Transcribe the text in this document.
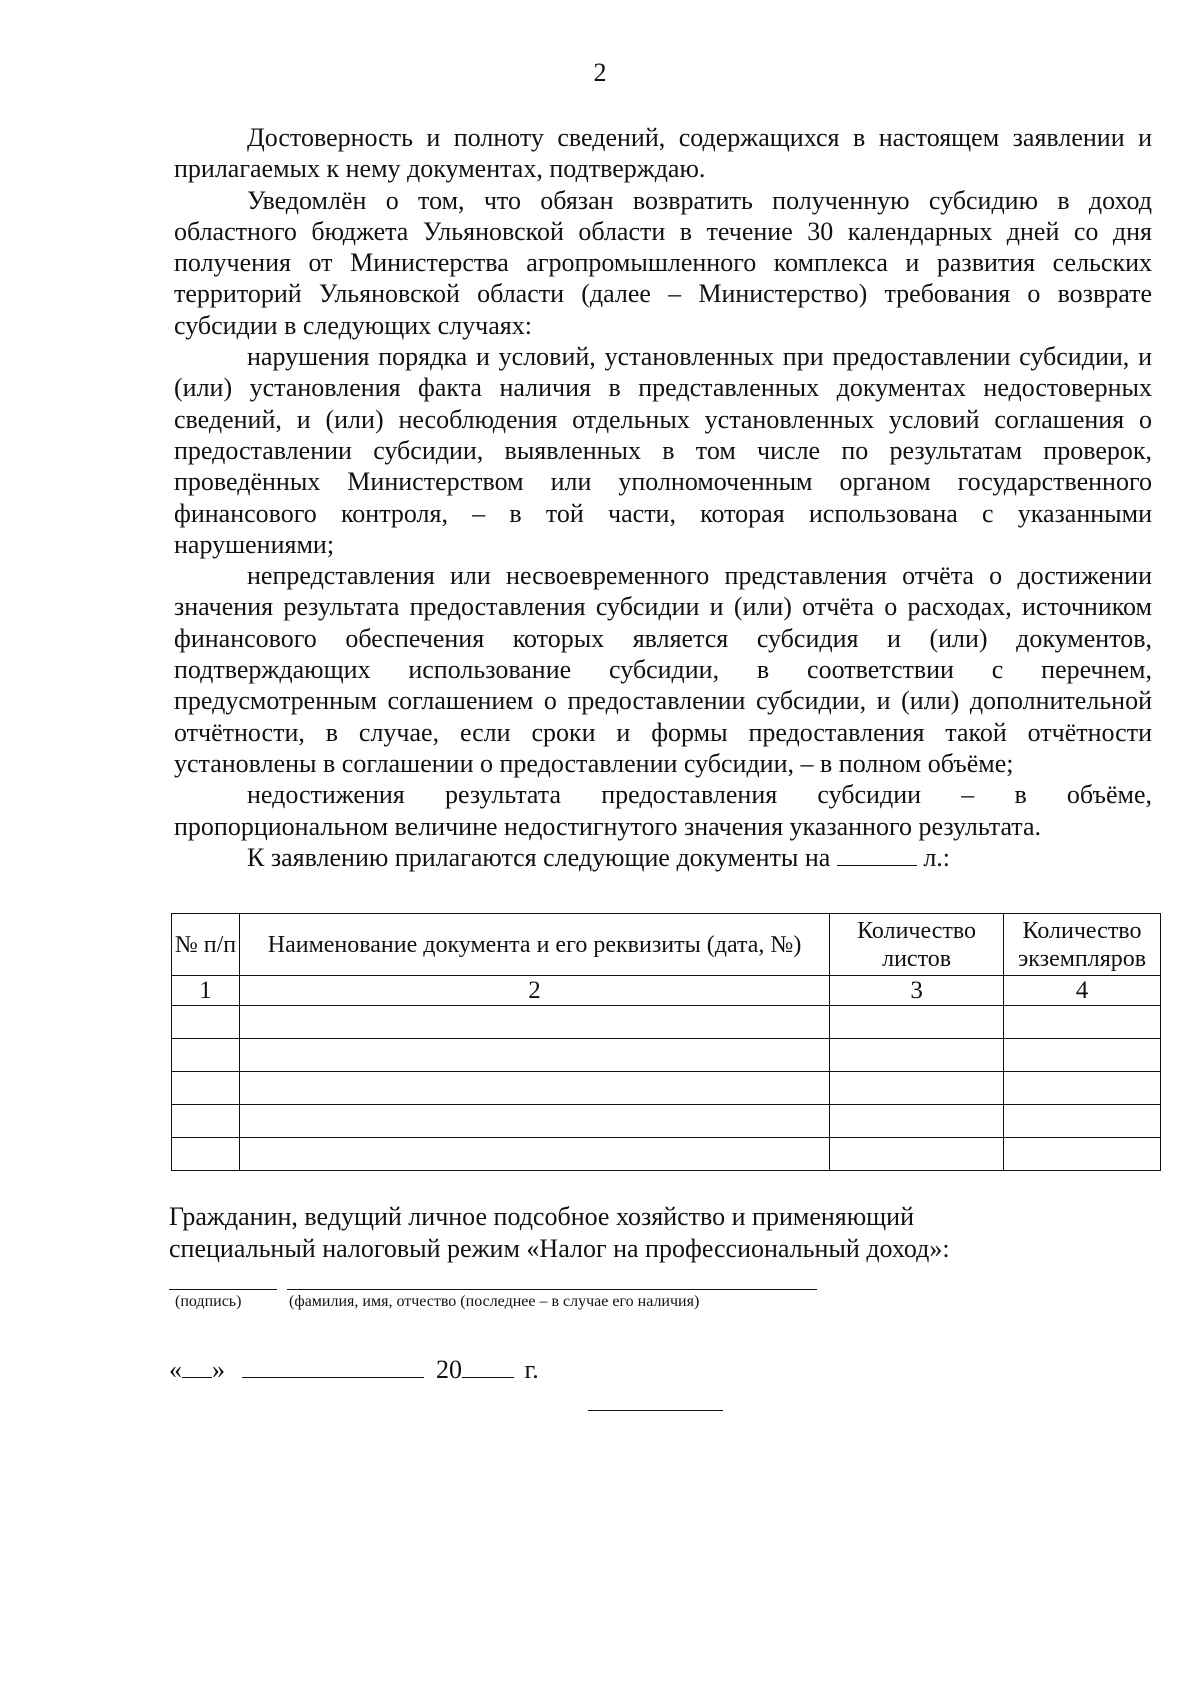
2

Достоверность и полноту сведений, содержащихся в настоящем заявлении и прилагаемых к нему документах, подтверждаю.

Уведомлён о том, что обязан возвратить полученную субсидию в доход областного бюджета Ульяновской области в течение 30 календарных дней со дня получения от Министерства агропромышленного комплекса и развития сельских территорий Ульяновской области (далее – Министерство) требования о возврате субсидии в следующих случаях:

нарушения порядка и условий, установленных при предоставлении субсидии, и (или) установления факта наличия в представленных документах недостоверных сведений, и (или) несоблюдения отдельных установленных условий соглашения о предоставлении субсидии, выявленных в том числе по результатам проверок, проведённых Министерством или уполномоченным органом государственного финансового контроля, – в той части, которая использована с указанными нарушениями;

непредставления или несвоевременного представления отчёта о достижении значения результата предоставления субсидии и (или) отчёта о расходах, источником финансового обеспечения которых является субсидия и (или) документов, подтверждающих использование субсидии, в соответствии с перечнем, предусмотренным соглашением о предоставлении субсидии, и (или) дополнительной отчётности, в случае, если сроки и формы предоставления такой отчётности установлены в соглашении о предоставлении субсидии, – в полном объёме;

недостижения результата предоставления субсидии – в объёме, пропорциональном величине недостигнутого значения указанного результата.

К заявлению прилагаются следующие документы на	л.:

№ п/п	Наименование документа и его реквизиты (дата, №)	Количество листов	Количество экземпляров
1	2	3	4

Гражданин, ведущий личное подсобное хозяйство и применяющий
специальный налоговый режим «Налог на профессиональный доход»:
(подпись)	(фамилия, имя, отчество (последнее – в случае его наличия)
« »	20 г.
